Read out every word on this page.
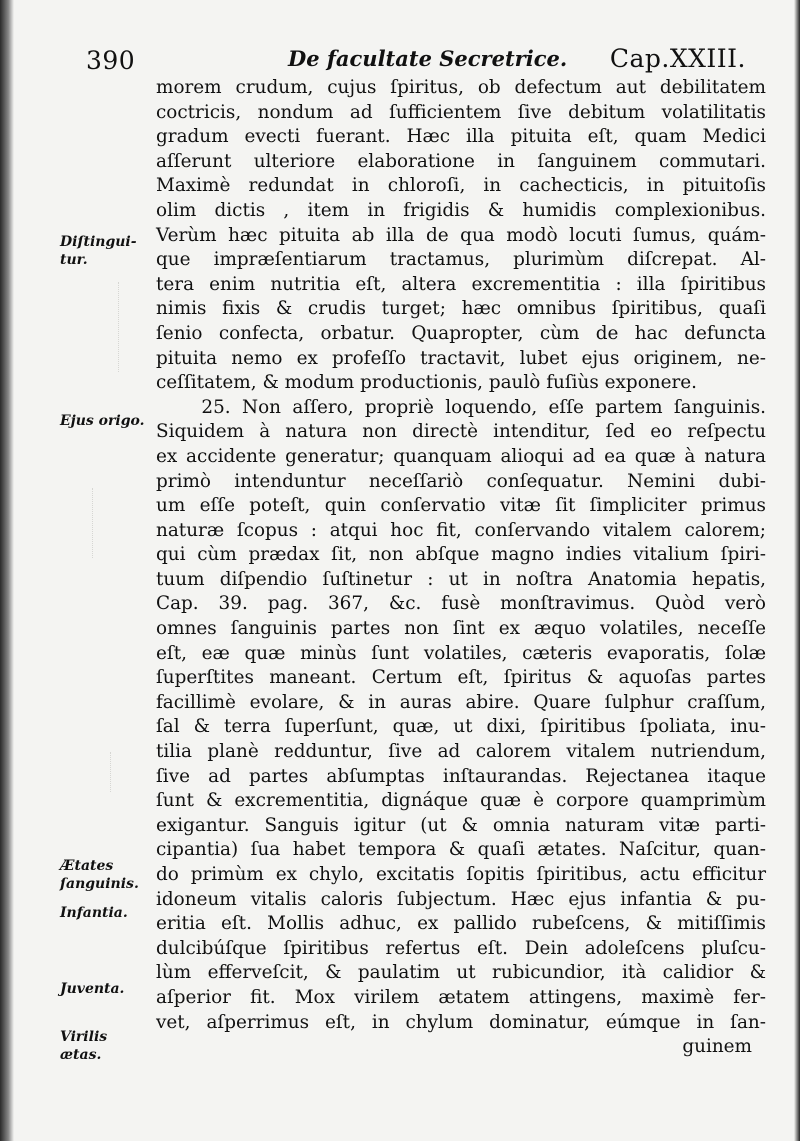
390	De facultate Secretrice. Cap.XXIII.
Diſtingui-
tur.
Ejus origo.
Ætates
ſanguinis.
Infantia.
Juventa.
Virilis
ætas.
morem crudum, cujus ſpiritus, ob defectum aut debilitatem
coctricis, nondum ad ſufficientem ſive debitum volatilitatis
gradum evecti fuerant. Hæc illa pituita eſt, quam Medici
aſſerunt ulteriore elaboratione in ſanguinem commutari.
Maximè redundat in chloroſi, in cachecticis, in pituitoſis
olim dictis , item in frigidis & humidis complexionibus.
Verùm hæc pituita ab illa de qua modò locuti ſumus, quám-
que impræſentiarum tractamus, plurimùm diſcrepat. Al-
tera enim nutritia eſt, altera excrementitia : illa ſpiritibus
nimis fixis & crudis turget; hæc omnibus ſpiritibus, quaſi
ſenio confecta, orbatur. Quapropter, cùm de hac defuncta
pituita nemo ex profeſſo tractavit, lubet ejus originem, ne-
ceſſitatem, & modum productionis, paulò fuſiùs exponere.
25. Non aſſero, propriè loquendo, eſſe partem ſanguinis.
Siquidem à natura non directè intenditur, ſed eo reſpectu
ex accidente generatur; quanquam alioqui ad ea quæ à natura
primò intenduntur neceſſariò conſequatur. Nemini dubi-
um eſſe poteſt, quin conſervatio vitæ ſit ſimpliciter primus
naturæ ſcopus : atqui hoc fit, conſervando vitalem calorem;
qui cùm prædax ſit, non abſque magno indies vitalium ſpiri-
tuum diſpendio ſuſtinetur : ut in noſtra Anatomia hepatis,
Cap. 39. pag. 367, &c. fusè monſtravimus. Quòd verò
omnes ſanguinis partes non ſint ex æquo volatiles, neceſſe
eſt, eæ quæ minùs ſunt volatiles, cæteris evaporatis, ſolæ
ſuperſtites maneant. Certum eſt, ſpiritus & aquoſas partes
facillimè evolare, & in auras abire. Quare ſulphur craſſum,
ſal & terra ſuperſunt, quæ, ut dixi, ſpiritibus ſpoliata, inu-
tilia planè redduntur, ſive ad calorem vitalem nutriendum,
ſive ad partes abſumptas inſtaurandas. Rejectanea itaque
ſunt & excrementitia, dignáque quæ è corpore quamprimùm
exigantur. Sanguis igitur (ut & omnia naturam vitæ parti-
cipantia) ſua habet tempora & quaſi ætates. Naſcitur, quan-
do primùm ex chylo, excitatis ſopitis ſpiritibus, actu efficitur
idoneum vitalis caloris ſubjectum. Hæc ejus infantia & pu-
eritia eſt. Mollis adhuc, ex pallido rubeſcens, & mitiſſimis
dulcibúſque ſpiritibus refertus eſt. Dein adoleſcens pluſcu-
lùm efferveſcit, & paulatim ut rubicundior, ità calidior &
aſperior fit. Mox virilem ætatem attingens, maximè fer-
vet, aſperrimus eſt, in chylum dominatur, eúmque in ſan-
guinem
